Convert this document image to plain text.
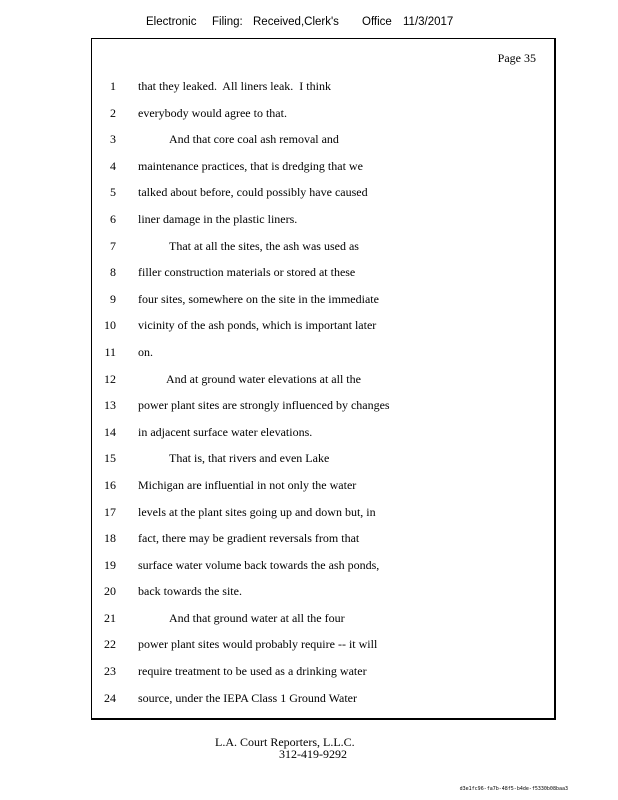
Electronic

Filing:

Received,Clerk's

Office

11/3/2017

Page 35
1
2
3
4
5
6
7
8
9
10
11
12
13
14
15
16
17
18
19
20
21
22
23
24
that they leaked.  All liners leak.  I think
everybody would agree to that.
And that core coal ash removal and
maintenance practices, that is dredging that we
talked about before, could possibly have caused
liner damage in the plastic liners.
That at all the sites, the ash was used as
filler construction materials or stored at these
four sites, somewhere on the site in the immediate
vicinity of the ash ponds, which is important later
on.
And at ground water elevations at all the
power plant sites are strongly influenced by changes
in adjacent surface water elevations.
That is, that rivers and even Lake
Michigan are influential in not only the water
levels at the plant sites going up and down but, in
fact, there may be gradient reversals from that
surface water volume back towards the ash ponds,
back towards the site.
And that ground water at all the four
power plant sites would probably require -- it will
require treatment to be used as a drinking water
source, under the IEPA Class 1 Ground Water
L.A. Court Reporters, L.L.C.
312-419-9292
d3e1fc96-fa7b-48f5-b4de-f5330b08baa3
